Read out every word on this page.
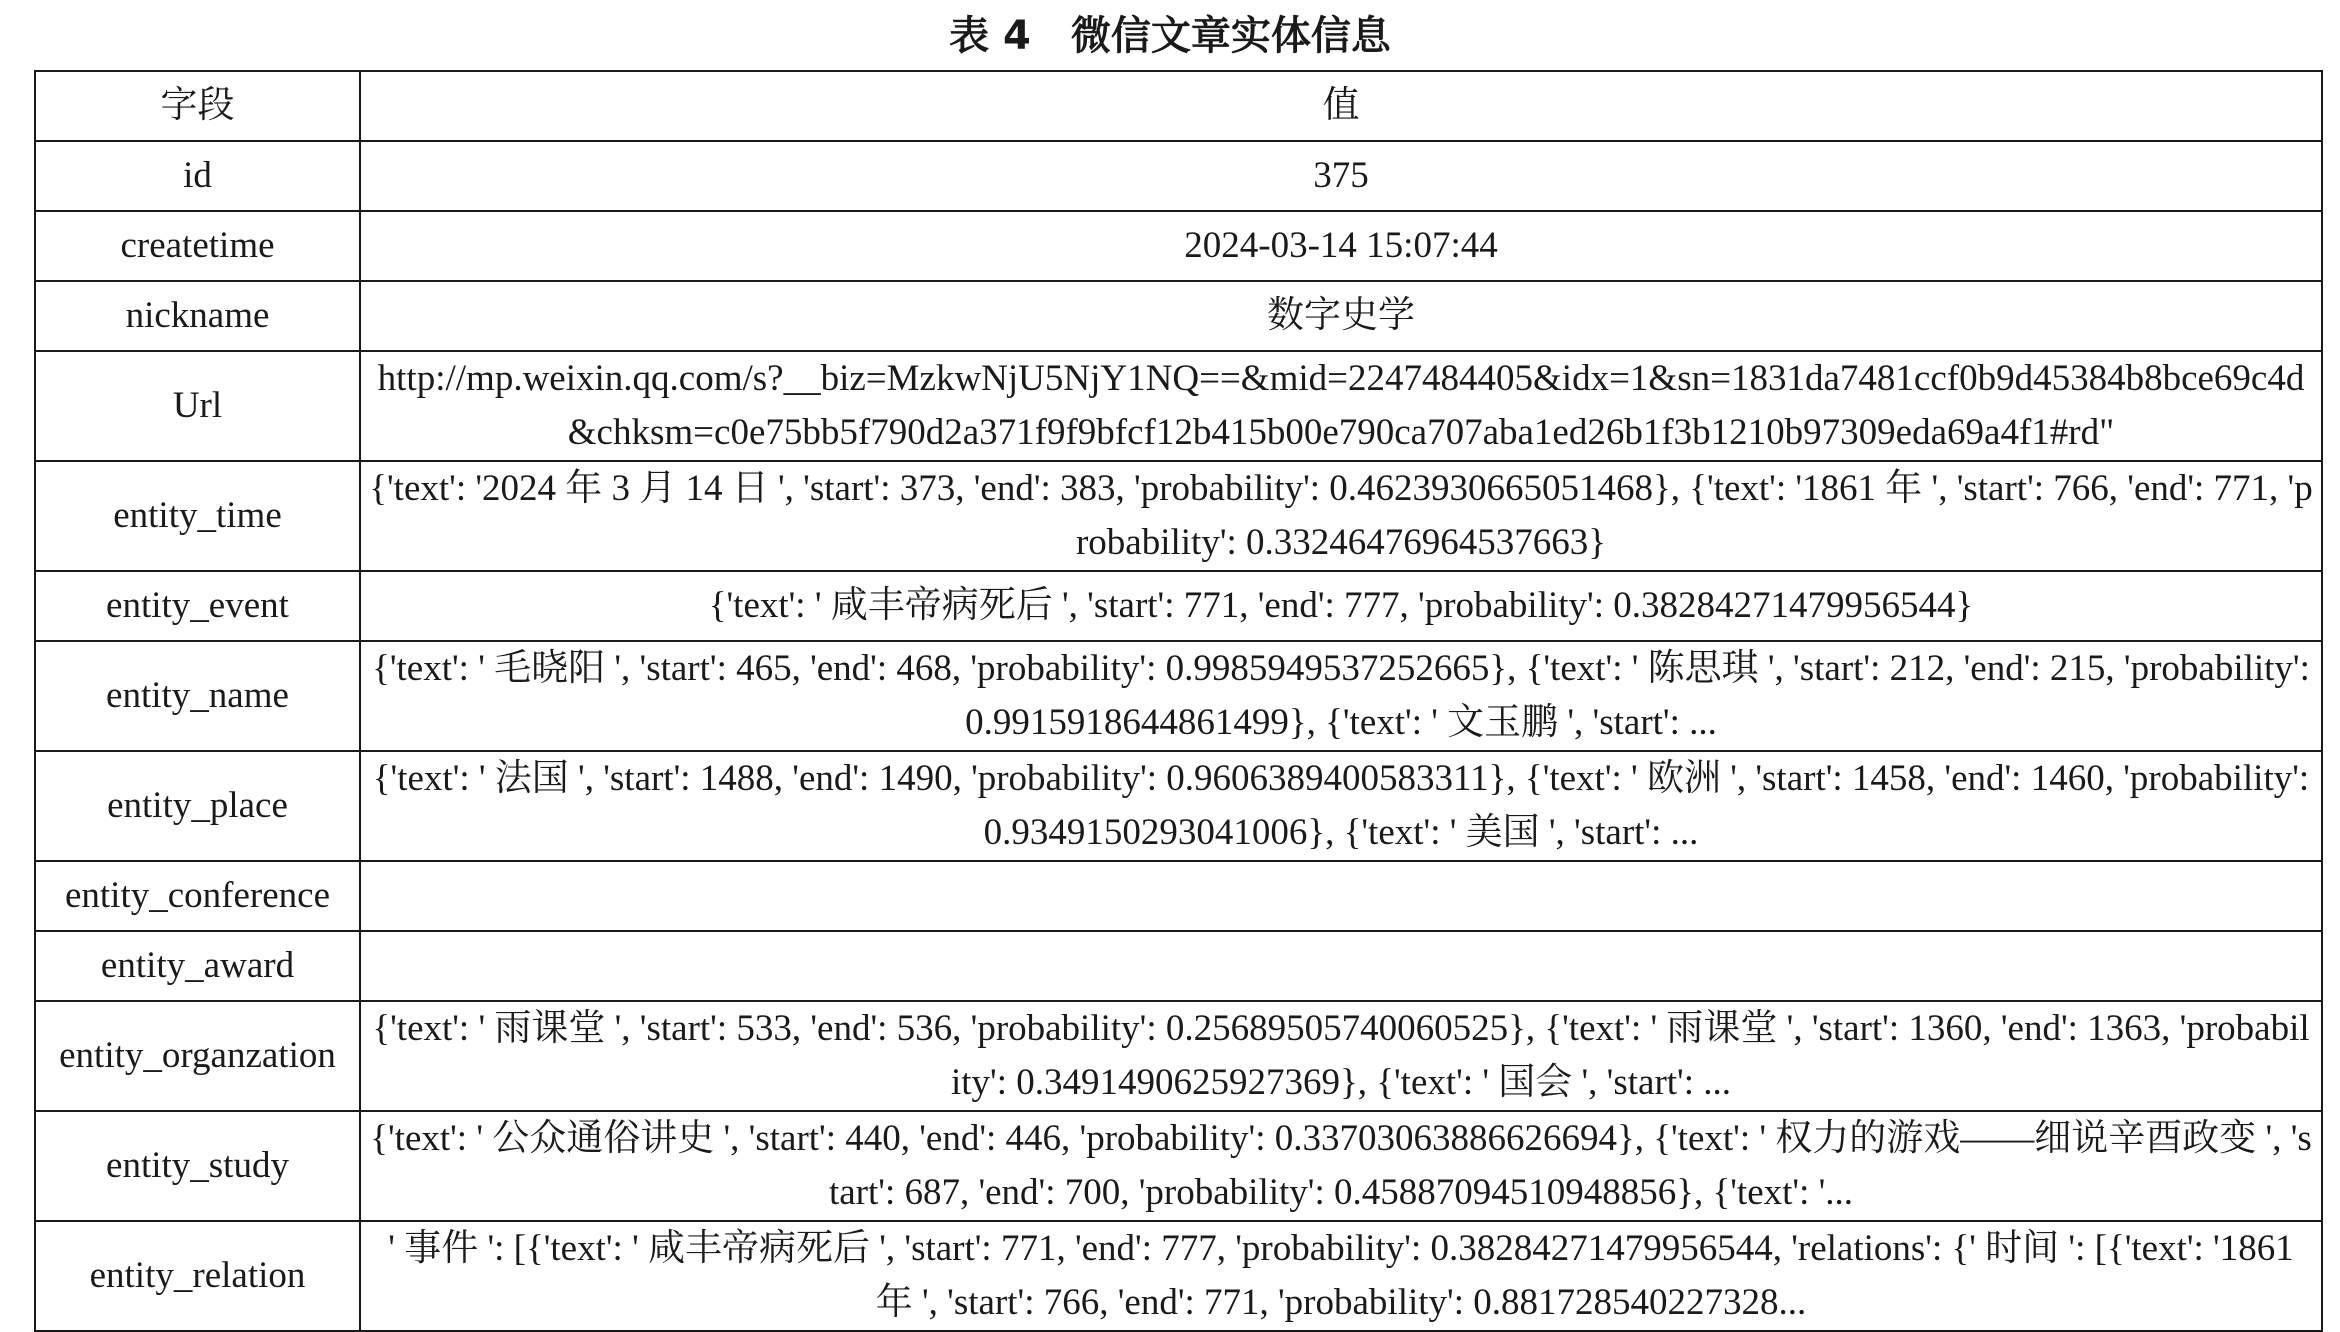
表 4　微信文章实体信息
字段	值
id	375
createtime	2024-03-14 15:07:44
nickname	数字史学
Url	http://mp.weixin.qq.com/s?__biz=MzkwNjU5NjY1NQ==&mid=2247484405&idx=1&sn=1831da7481ccf0b9d45384b8bce69c4d&chksm=c0e75bb5f790d2a371f9f9bfcf12b415b00e790ca707aba1ed26b1f3b1210b97309eda69a4f1#rd"
entity_time	{'text': '2024 年 3 月 14 日 ', 'start': 373, 'end': 383, 'probability': 0.4623930665051468}, {'text': '1861 年 ', 'start': 766, 'end': 771, 'probability': 0.33246476964537663}
entity_event	{'text': ' 咸丰帝病死后 ', 'start': 771, 'end': 777, 'probability': 0.38284271479956544}
entity_name	{'text': ' 毛晓阳 ', 'start': 465, 'end': 468, 'probability': 0.9985949537252665}, {'text': ' 陈思琪 ', 'start': 212, 'end': 215, 'probability': 0.9915918644861499}, {'text': ' 文玉鹏 ', 'start': ...
entity_place	{'text': ' 法国 ', 'start': 1488, 'end': 1490, 'probability': 0.9606389400583311}, {'text': ' 欧洲 ', 'start': 1458, 'end': 1460, 'probability': 0.9349150293041006}, {'text': ' 美国 ', 'start': ...
entity_conference	
entity_award	
entity_organzation	{'text': ' 雨课堂 ', 'start': 533, 'end': 536, 'probability': 0.25689505740060525}, {'text': ' 雨课堂 ', 'start': 1360, 'end': 1363, 'probability': 0.3491490625927369}, {'text': ' 国会 ', 'start': ...
entity_study	{'text': ' 公众通俗讲史 ', 'start': 440, 'end': 446, 'probability': 0.33703063886626694}, {'text': ' 权力的游戏——细说辛酉政变 ', 'start': 687, 'end': 700, 'probability': 0.45887094510948856}, {'text': '...
entity_relation	' 事件 ': [{'text': ' 咸丰帝病死后 ', 'start': 771, 'end': 777, 'probability': 0.38284271479956544, 'relations': {' 时间 ': [{'text': '1861 年 ', 'start': 766, 'end': 771, 'probability': 0.881728540227328...
